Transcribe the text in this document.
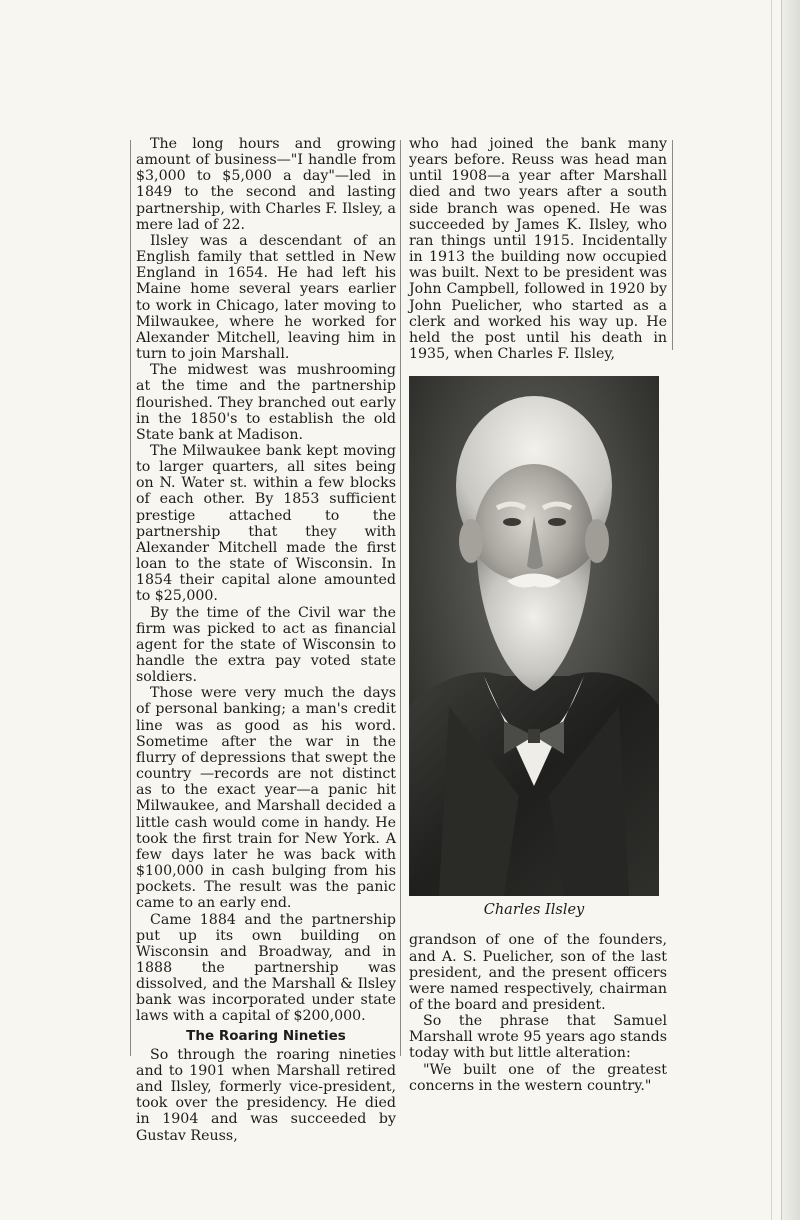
The long hours and growing amount of business—"I handle from $3,000 to $5,000 a day"—led in 1849 to the second and lasting partnership, with Charles F. Ilsley, a mere lad of 22.

Ilsley was a descendant of an English family that settled in New England in 1654. He had left his Maine home several years earlier to work in Chicago, later moving to Milwaukee, where he worked for Alexander Mitchell, leaving him in turn to join Marshall.

The midwest was mushrooming at the time and the partnership flourished. They branched out early in the 1850's to establish the old State bank at Madison.

The Milwaukee bank kept moving to larger quarters, all sites being on N. Water st. within a few blocks of each other. By 1853 sufficient prestige attached to the partnership that they with Alexander Mitchell made the first loan to the state of Wisconsin. In 1854 their capital alone amounted to $25,000.

By the time of the Civil war the firm was picked to act as financial agent for the state of Wisconsin to handle the extra pay voted state soldiers.

Those were very much the days of personal banking; a man's credit line was as good as his word. Sometime after the war in the flurry of depressions that swept the country —records are not distinct as to the exact year—a panic hit Milwaukee, and Marshall decided a little cash would come in handy. He took the first train for New York. A few days later he was back with $100,000 in cash bulging from his pockets. The result was the panic came to an early end.

Came 1884 and the partnership put up its own building on Wisconsin and Broadway, and in 1888 the partnership was dissolved, and the Marshall & Ilsley bank was incorporated under state laws with a capital of $200,000.

The Roaring Nineties

So through the roaring nineties and to 1901 when Marshall retired and Ilsley, formerly vice-president, took over the presidency. He died in 1904 and was succeeded by Gustav Reuss,

who had joined the bank many years before. Reuss was head man until 1908—a year after Marshall died and two years after a south side branch was opened. He was succeeded by James K. Ilsley, who ran things until 1915. Incidentally in 1913 the building now occupied was built. Next to be president was John Campbell, followed in 1920 by John Puelicher, who started as a clerk and worked his way up. He held the post until his death in 1935, when Charles F. Ilsley,

Charles Ilsley

grandson of one of the founders, and A. S. Puelicher, son of the last president, and the present officers were named respectively, chairman of the board and president.

So the phrase that Samuel Marshall wrote 95 years ago stands today with but little alteration:

"We built one of the greatest concerns in the western country."
